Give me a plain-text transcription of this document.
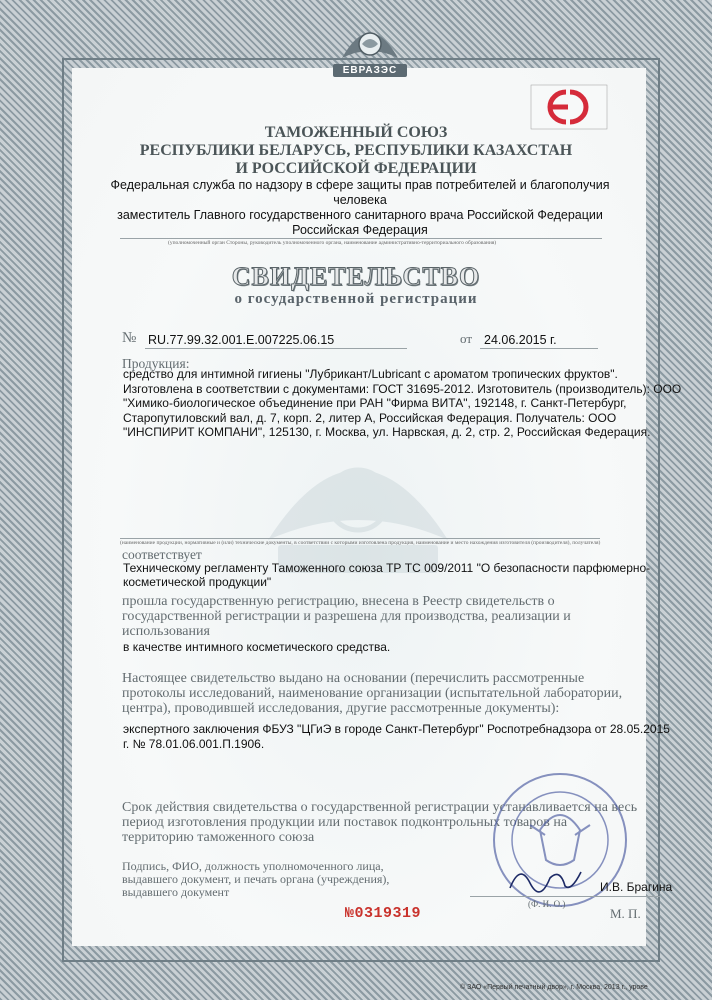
ЕВРАЗЭС
ТАМОЖЕННЫЙ СОЮЗ
РЕСПУБЛИКИ БЕЛАРУСЬ, РЕСПУБЛИКИ КАЗАХСТАН
И РОССИЙСКОЙ ФЕДЕРАЦИИ
Федеральная служба по надзору в сфере защиты прав потребителей и благополучия человека
заместитель Главного государственного санитарного врача Российской Федерации
Российская Федерация
(уполномоченный орган Стороны, руководитель уполномоченного органа, наименование административно-территориального образования)
СВИДЕТЕЛЬСТВО
о государственной регистрации
№ RU.77.99.32.001.E.007225.06.15	от 24.06.2015 г.
Продукция:
средство для интимной гигиены "Лубрикант/Lubricant с ароматом тропических фруктов".
Изготовлена в соответствии с документами: ГОСТ 31695-2012. Изготовитель (производитель): ООО
"Химико-биологическое объединение при РАН "Фирма ВИТА", 192148, г. Санкт-Петербург,
Старопутиловский вал, д. 7, корп. 2, литер А, Российская Федерация. Получатель: ООО
"ИНСПИРИТ КОМПАНИ", 125130, г. Москва, ул. Нарвская, д. 2, стр. 2, Российская Федерация.
(наименование продукции, нормативные и (или) технические документы, в соответствии с которыми изготовлена продукция, наименование и место нахождения изготовителя (производителя), получателя)
соответствует
Техническому регламенту Таможенного союза ТР ТС 009/2011 "О безопасности парфюмерно-
косметической продукции"
прошла государственную регистрацию, внесена в Реестр свидетельств о
государственной регистрации и разрешена для производства, реализации и
использования
в качестве интимного косметического средства.
Настоящее свидетельство выдано на основании (перечислить рассмотренные
протоколы исследований, наименование организации (испытательной лаборатории,
центра), проводившей исследования, другие рассмотренные документы):
экспертного заключения ФБУЗ "ЦГиЭ в городе Санкт-Петербург" Роспотребнадзора от 28.05.2015
г. № 78.01.06.001.П.1906.
Срок действия свидетельства о государственной регистрации устанавливается на весь
период изготовления продукции или поставок подконтрольных товаров на
территорию таможенного союза
Подпись, ФИО, должность уполномоченного лица,
выдавшего документ, и печать органа (учреждения),
выдавшего документ	И.В. Брагина
(Ф. И. О.)
№0319319	М. П.
© ЗАО «Первый печатный двор», г. Москва, 2013 г., урове
